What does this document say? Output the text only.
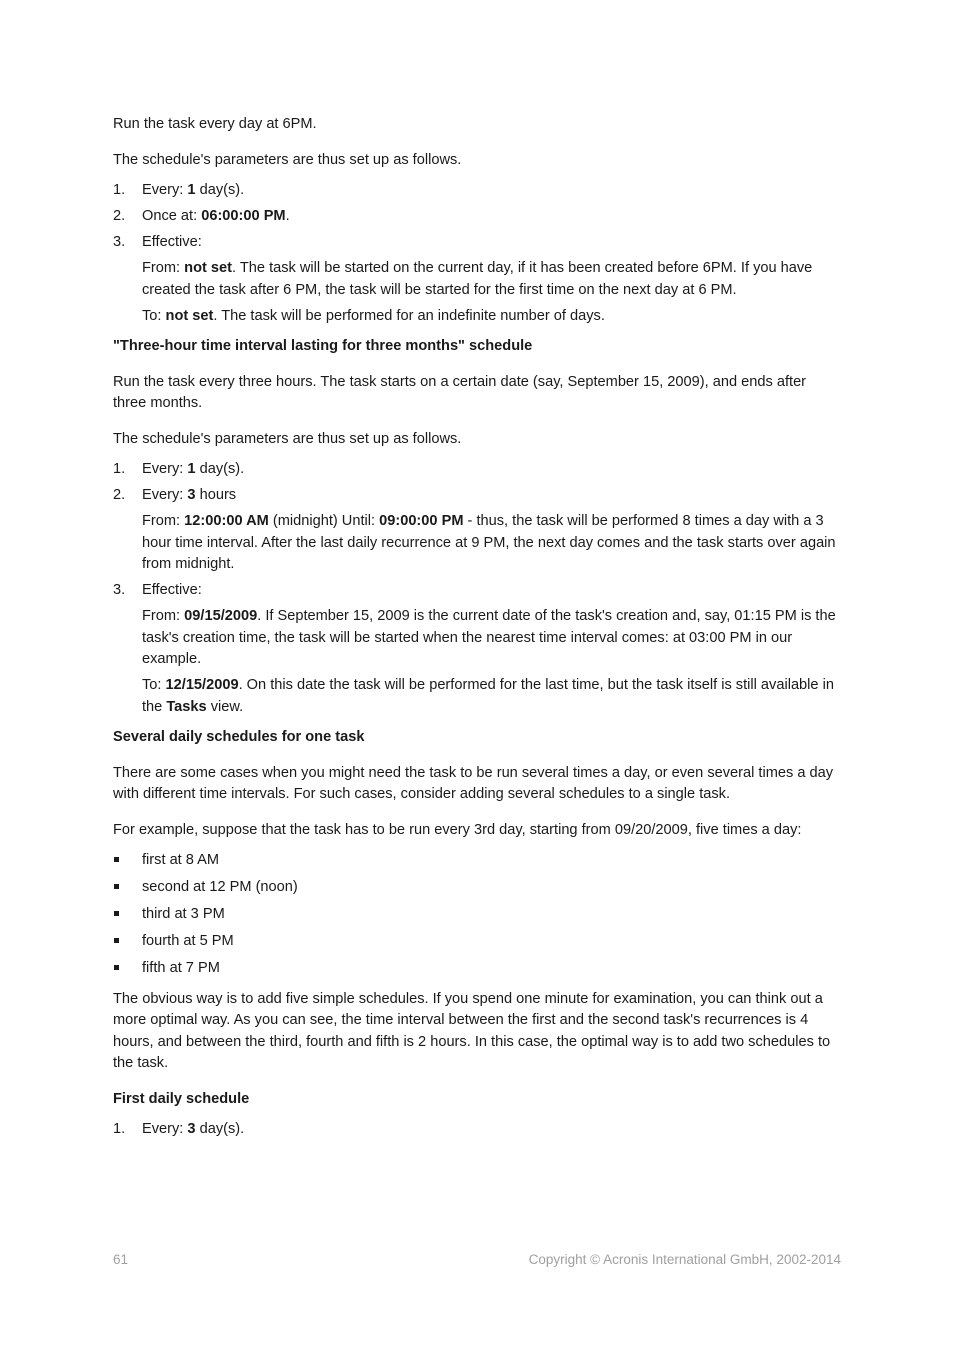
Run the task every day at 6PM.

The schedule's parameters are thus set up as follows.

1. Every: 1 day(s).
2. Once at: 06:00:00 PM.
3. Effective:
From: not set. The task will be started on the current day, if it has been created before 6PM. If you have created the task after 6 PM, the task will be started for the first time on the next day at 6 PM.
To: not set. The task will be performed for an indefinite number of days.

"Three-hour time interval lasting for three months" schedule

Run the task every three hours. The task starts on a certain date (say, September 15, 2009), and ends after three months.

The schedule's parameters are thus set up as follows.

1. Every: 1 day(s).
2. Every: 3 hours
From: 12:00:00 AM (midnight) Until: 09:00:00 PM - thus, the task will be performed 8 times a day with a 3 hour time interval. After the last daily recurrence at 9 PM, the next day comes and the task starts over again from midnight.
3. Effective:
From: 09/15/2009. If September 15, 2009 is the current date of the task's creation and, say, 01:15 PM is the task's creation time, the task will be started when the nearest time interval comes: at 03:00 PM in our example.
To: 12/15/2009. On this date the task will be performed for the last time, but the task itself is still available in the Tasks view.

Several daily schedules for one task

There are some cases when you might need the task to be run several times a day, or even several times a day with different time intervals. For such cases, consider adding several schedules to a single task.

For example, suppose that the task has to be run every 3rd day, starting from 09/20/2009, five times a day:

first at 8 AM
second at 12 PM (noon)
third at 3 PM
fourth at 5 PM
fifth at 7 PM

The obvious way is to add five simple schedules. If you spend one minute for examination, you can think out a more optimal way. As you can see, the time interval between the first and the second task's recurrences is 4 hours, and between the third, fourth and fifth is 2 hours. In this case, the optimal way is to add two schedules to the task.

First daily schedule

1. Every: 3 day(s).
61	Copyright © Acronis International GmbH, 2002-2014
